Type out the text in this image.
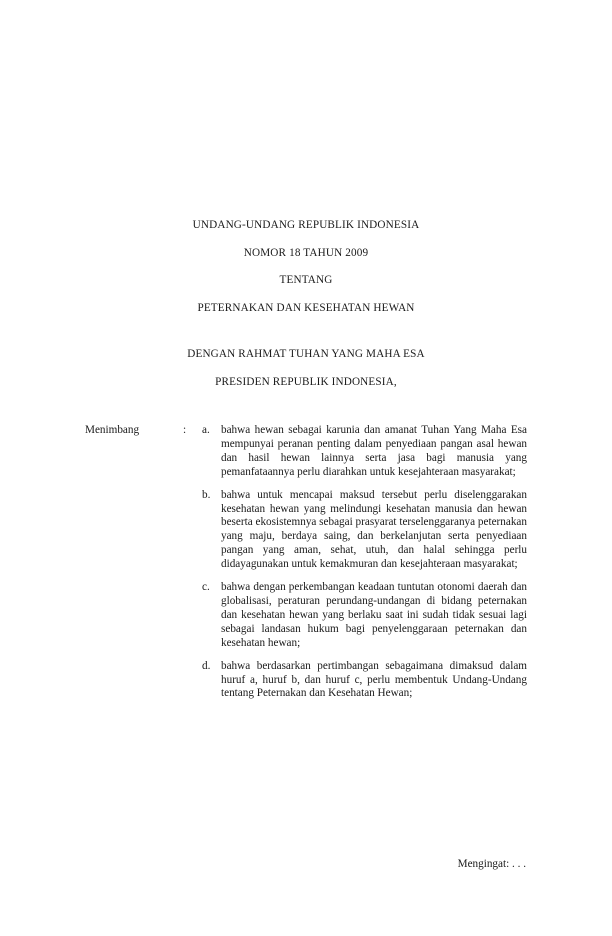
UNDANG-UNDANG REPUBLIK INDONESIA
NOMOR 18 TAHUN 2009
TENTANG
PETERNAKAN DAN KESEHATAN HEWAN
DENGAN RAHMAT TUHAN YANG MAHA ESA
PRESIDEN REPUBLIK INDONESIA,
Menimbang	:	a.	bahwa hewan sebagai karunia dan amanat Tuhan Yang Maha Esa mempunyai peranan penting dalam penyediaan pangan asal hewan dan hasil hewan lainnya serta jasa bagi manusia yang pemanfataannya perlu diarahkan untuk kesejahteraan masyarakat;
b. bahwa untuk mencapai maksud tersebut perlu diselenggarakan kesehatan hewan yang melindungi kesehatan manusia dan hewan beserta ekosistemnya sebagai prasyarat terselenggaranya peternakan yang maju, berdaya saing, dan berkelanjutan serta penyediaan pangan yang aman, sehat, utuh, dan halal sehingga perlu didayagunakan untuk kemakmuran dan kesejahteraan masyarakat;
c.	bahwa dengan perkembangan keadaan tuntutan otonomi daerah dan globalisasi, peraturan perundang-undangan di bidang peternakan dan kesehatan hewan yang berlaku saat ini sudah tidak sesuai lagi sebagai landasan hukum bagi penyelenggaraan peternakan dan kesehatan hewan;
d. bahwa berdasarkan pertimbangan sebagaimana dimaksud dalam huruf a, huruf b, dan huruf c, perlu membentuk Undang-Undang tentang Peternakan dan Kesehatan Hewan;
Mengingat: . . .
